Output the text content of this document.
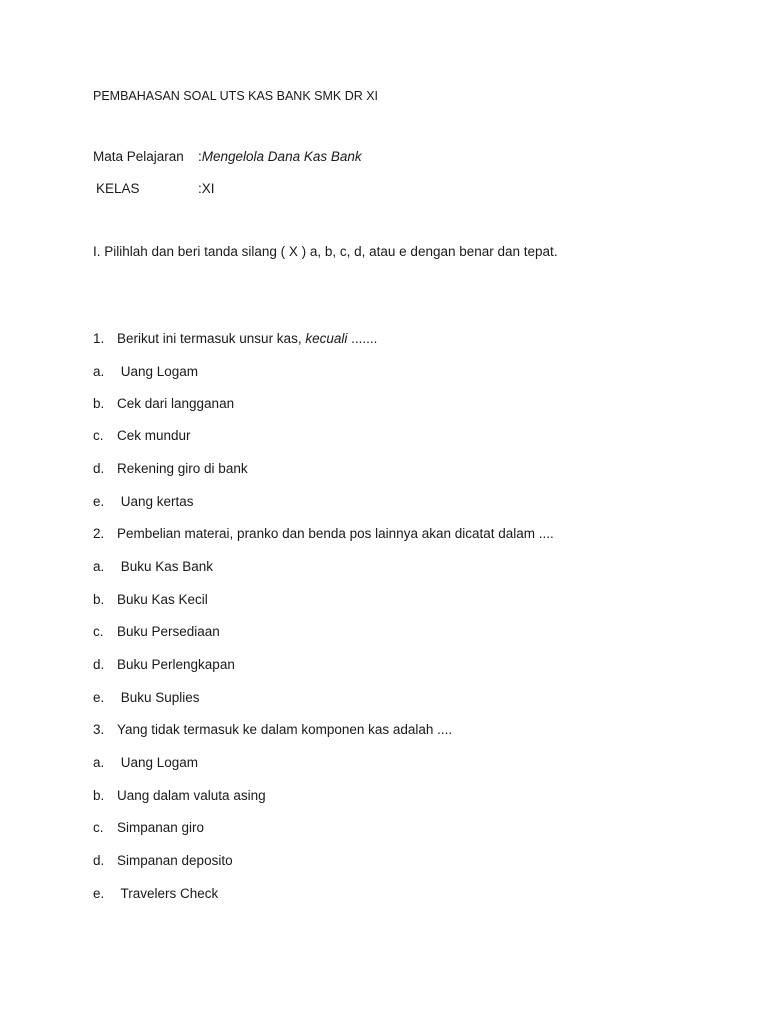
PEMBAHASAN SOAL UTS KAS BANK SMK DR XI
Mata Pelajaran :Mengelola Dana Kas Bank
KELAS	:XI
I. Pilihlah dan beri tanda silang ( X ) a, b, c, d, atau e dengan benar dan tepat.
1. Berikut ini termasuk unsur kas, kecuali .......
a. Uang Logam
b. Cek dari langganan
c. Cek mundur
d. Rekening giro di bank
e. Uang kertas
2. Pembelian materai, pranko dan benda pos lainnya akan dicatat dalam ....
a. Buku Kas Bank
b. Buku Kas Kecil
c. Buku Persediaan
d. Buku Perlengkapan
e. Buku Suplies
3. Yang tidak termasuk ke dalam komponen kas adalah ....
a. Uang Logam
b. Uang dalam valuta asing
c. Simpanan giro
d. Simpanan deposito
e. Travelers Check
